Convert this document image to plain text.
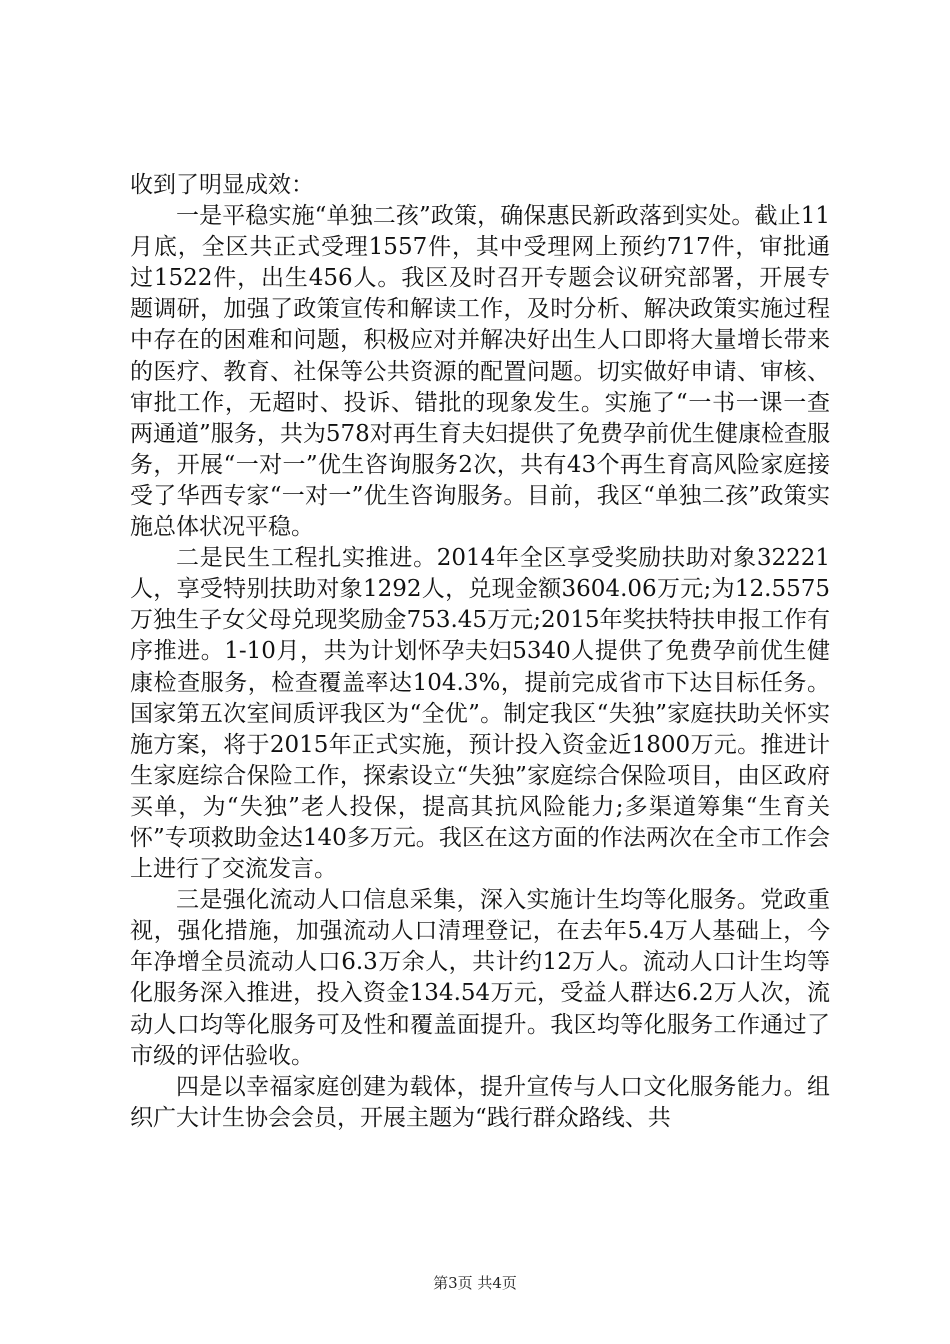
收到了明显成效：

一是平稳实施“单独二孩”政策，确保惠民新政落到实处。截止11月底，全区共正式受理1557件，其中受理网上预约717件，审批通过1522件，出生456人。我区及时召开专题会议研究部署，开展专题调研，加强了政策宣传和解读工作，及时分析、解决政策实施过程中存在的困难和问题，积极应对并解决好出生人口即将大量增长带来的医疗、教育、社保等公共资源的配置问题。切实做好申请、审核、审批工作，无超时、投诉、错批的现象发生。实施了“一书一课一查两通道”服务，共为578对再生育夫妇提供了免费孕前优生健康检查服务，开展“一对一”优生咨询服务2次，共有43个再生育高风险家庭接受了华西专家“一对一”优生咨询服务。目前，我区“单独二孩”政策实施总体状况平稳。

二是民生工程扎实推进。2014年全区享受奖励扶助对象32221人，享受特别扶助对象1292人，兑现金额3604.06万元;为12.5575万独生子女父母兑现奖励金753.45万元;2015年奖扶特扶申报工作有序推进。1-10月，共为计划怀孕夫妇5340人提供了免费孕前优生健康检查服务，检查覆盖率达104.3%，提前完成省市下达目标任务。国家第五次室间质评我区为“全优”。制定我区“失独”家庭扶助关怀实施方案，将于2015年正式实施，预计投入资金近1800万元。推进计生家庭综合保险工作，探索设立“失独”家庭综合保险项目，由区政府买单，为“失独”老人投保，提高其抗风险能力;多渠道筹集“生育关怀”专项救助金达140多万元。我区在这方面的作法两次在全市工作会上进行了交流发言。

三是强化流动人口信息采集，深入实施计生均等化服务。党政重视，强化措施，加强流动人口清理登记，在去年5.4万人基础上，今年净增全员流动人口6.3万余人，共计约12万人。流动人口计生均等化服务深入推进，投入资金134.54万元，受益人群达6.2万人次，流动人口均等化服务可及性和覆盖面提升。我区均等化服务工作通过了市级的评估验收。

四是以幸福家庭创建为载体，提升宣传与人口文化服务能力。组织广大计生协会会员，开展主题为“践行群众路线、共

第3页 共4页
